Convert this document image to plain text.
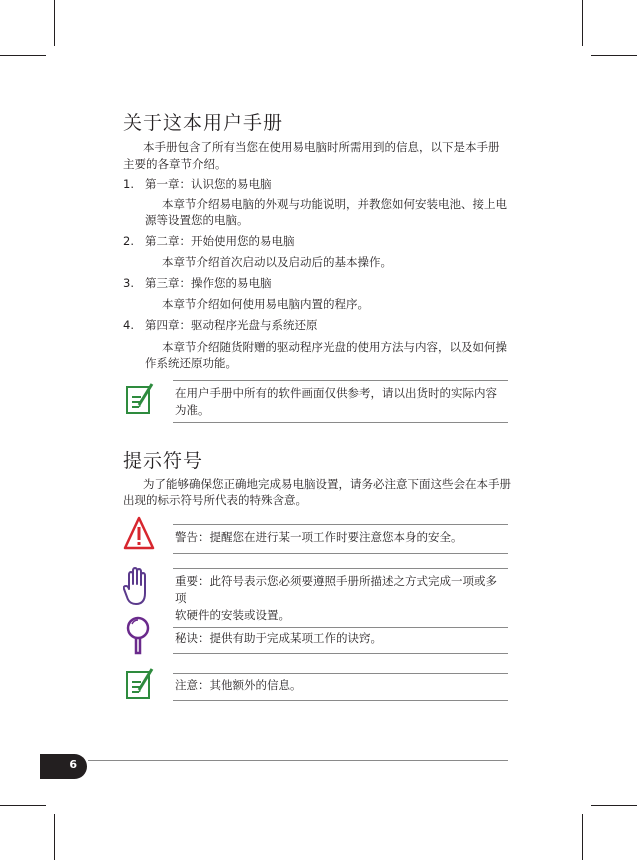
关于这本用户手册

本手册包含了所有当您在使用易电脑时所需用到的信息，以下是本手册

主要的各章节介绍。

1. 第一章：认识您的易电脑

本章节介绍易电脑的外观与功能说明，并教您如何安装电池、接上电

源等设置您的电脑。

2. 第二章：开始使用您的易电脑

本章节介绍首次启动以及启动后的基本操作。

3. 第三章：操作您的易电脑

本章节介绍如何使用易电脑内置的程序。

4. 第四章：驱动程序光盘与系统还原

本章节介绍随货附赠的驱动程序光盘的使用方法与内容，以及如何操

作系统还原功能。

在用户手册中所有的软件画面仅供参考，请以出货时的实际内容
为准。
提示符号

为了能够确保您正确地完成易电脑设置，请务必注意下面这些会在本手册

出现的标示符号所代表的特殊含意。

警告：提醒您在进行某一项工作时要注意您本身的安全。
重要：此符号表示您必须要遵照手册所描述之方式完成一项或多项
软硬件的安装或设置。
秘诀：提供有助于完成某项工作的诀窍。
注意：其他额外的信息。
6
